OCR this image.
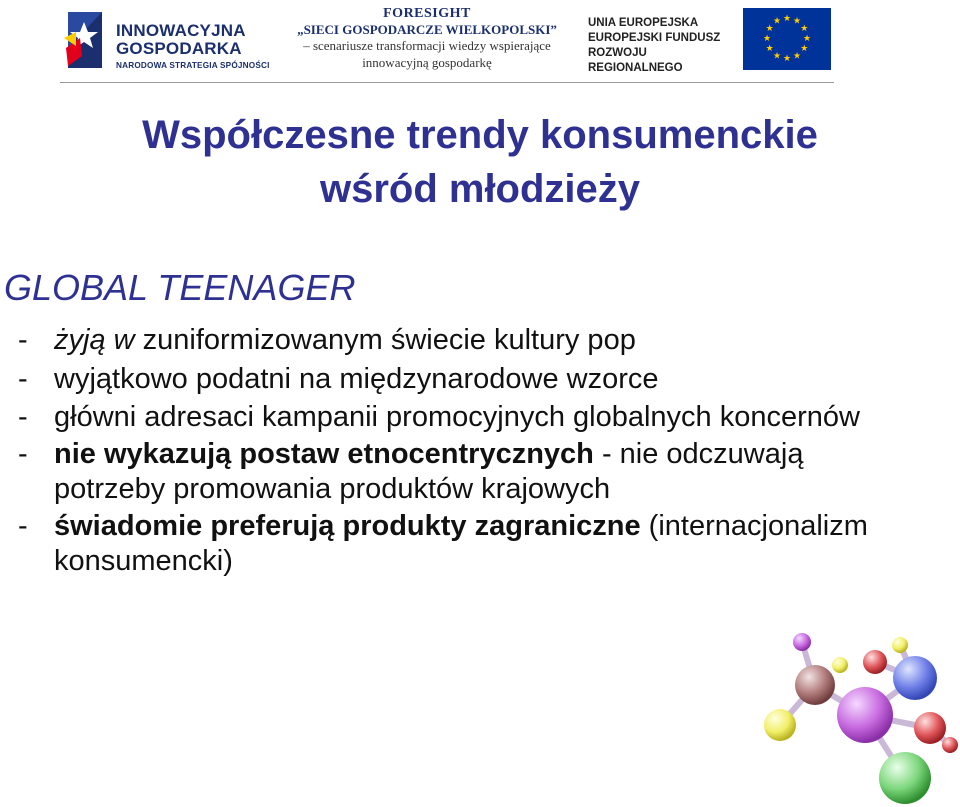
INNOWACYJNA
GOSPODARKA
NARODOWA STRATEGIA SPÓJNOŚCI
FORESIGHT
„SIECI GOSPODARCZE WIELKOPOLSKI”
– scenariusze transformacji wiedzy wspierające
innowacyjną gospodarkę
UNIA EUROPEJSKA
EUROPEJSKI FUNDUSZ
ROZWOJU REGIONALNEGO
★ ★
★
★
★
★
★
★
★
★
★
★
Współczesne trendy konsumenckie
wśród młodzieży
GLOBAL TEENAGER
- żyją w zuniformizowanym świecie kultury pop
- wyjątkowo podatni na międzynarodowe wzorce
- główni adresaci kampanii promocyjnych globalnych koncernów
- nie wykazują postaw etnocentrycznych - nie odczuwają potrzeby promowania produktów krajowych
- świadomie preferują produkty zagraniczne (internacjonalizm konsumencki)
